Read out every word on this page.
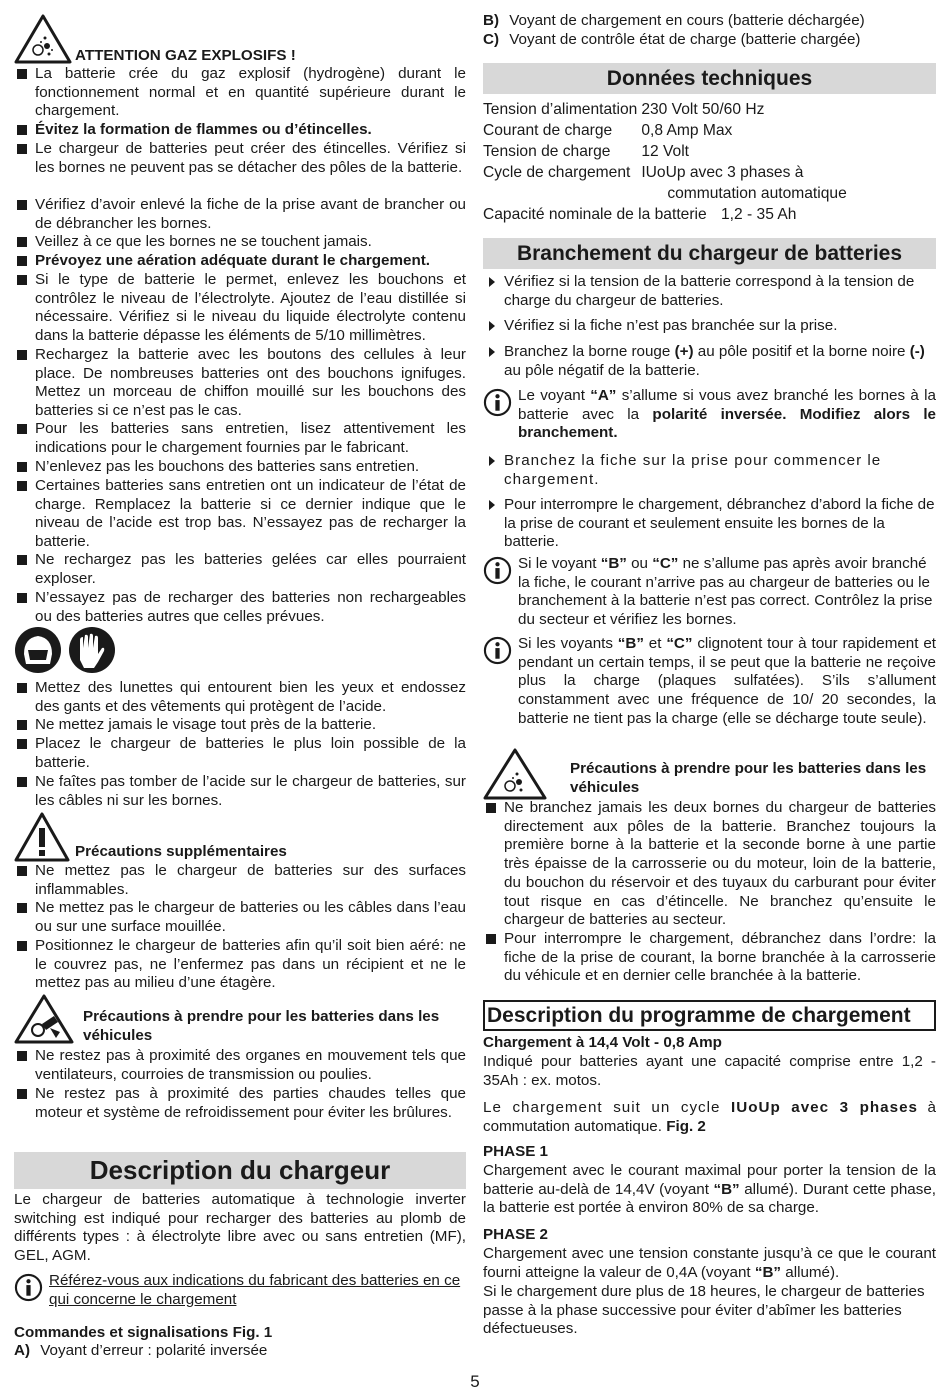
ATTENTION GAZ EXPLOSIFS !

La batterie crée du gaz explosif (hydrogène) durant le fonctionnement normal et en quantité supérieure durant le chargement.

Évitez la formation de flammes ou d’étincelles.

Le chargeur de batteries peut créer des étincelles. Vérifiez si les bornes ne peuvent pas se détacher des pôles de la batterie.

Vérifiez d’avoir enlevé la fiche de la prise avant de brancher ou de débrancher les bornes.

Veillez à ce que les bornes ne se touchent jamais.

Prévoyez une aération adéquate durant le chargement.

Si le type de batterie le permet, enlevez les bouchons et contrôlez le niveau de l’électrolyte. Ajoutez de l’eau distillée si nécessaire. Vérifiez si le niveau du liquide électrolyte contenu dans la batterie dépasse les éléments de 5/10 millimètres.

Rechargez la batterie avec les boutons des cellules à leur place. De nombreuses batteries ont des bouchons ignifuges. Mettez un morceau de chiffon mouillé sur les bouchons des batteries si ce n’est pas le cas.

Pour les batteries sans entretien, lisez attentivement les indications pour le chargement fournies par le fabricant.

N’enlevez pas les bouchons des batteries sans entretien.

Certaines batteries sans entretien ont un indicateur de l’état de charge. Remplacez la batterie si ce dernier indique que le niveau de l’acide est trop bas. N’essayez pas de recharger la batterie.

Ne rechargez pas les batteries gelées car elles pourraient exploser.

N’essayez pas de recharger des batteries non rechargeables ou des batteries autres que celles prévues.

Mettez des lunettes qui entourent bien les yeux et endossez des gants et des vêtements qui protègent de l’acide.

Ne mettez jamais le visage tout près de la batterie.

Placez le chargeur de batteries le plus loin possible de la batterie.

Ne faîtes pas tomber de l’acide sur le chargeur de batteries, sur les câbles ni sur les bornes.

Précautions supplémentaires

Ne mettez pas le chargeur de batteries sur des surfaces inflammables.

Ne mettez pas le chargeur de batteries ou les câbles dans l’eau ou sur une surface mouillée.

Positionnez le chargeur de batteries afin qu’il soit bien aéré: ne le couvrez pas, ne l’enfermez pas dans un récipient et ne le mettez pas au milieu d’une étagère.

Précautions à prendre pour les batteries dans les véhicules

Ne restez pas à proximité des organes en mouvement tels que ventilateurs, courroies de transmission ou poulies.

Ne restez pas à proximité des parties chaudes telles que moteur et système de refroidissement pour éviter les brûlures.

Description du chargeur

Le chargeur de batteries automatique à technologie inverter switching est indiqué pour recharger des batteries au plomb de différents types : à électrolyte libre avec ou sans entretien (MF), GEL, AGM.

Référez-vous aux indications du fabricant des batteries en ce qui concerne le chargement
Commandes et signalisations Fig. 1
A) Voyant d’erreur : polarité inversée
B) Voyant de chargement en cours (batterie déchargée)
C) Voyant de contrôle état de charge (batterie chargée)
Données techniques
Tension d’alimentation	230 Volt 50/60 Hz
Courant de charge	0,8 Amp Max
Tension de charge	12 Volt
Cycle de chargement	IUoUp avec 3 phases à
commutation automatique

Capacité nominale de la batterie 1,2 - 35 Ah	
Branchement du chargeur de batteries

Vérifiez si la tension de la batterie correspond à la tension de charge du chargeur de batteries.

Vérifiez si la fiche n’est pas branchée sur la prise.

Branchez la borne rouge (+) au pôle positif et la borne noire (-) au pôle négatif de la batterie.

Le voyant “A” s’allume si vous avez branché les bornes à la batterie avec la polarité inversée. Modifiez alors le branchement.

Branchez la fiche sur la prise pour commencer le chargement.

Pour interrompre le chargement, débranchez d’abord la fiche de la prise de courant et seulement ensuite les bornes de la batterie.

Si le voyant “B” ou “C” ne s’allume pas après avoir branché la fiche, le courant n’arrive pas au chargeur de batteries ou le branchement à la batterie n’est pas correct. Contrôlez la prise du secteur et vérifiez les bornes.
Si les voyants “B” et “C” clignotent tour à tour rapidement et pendant un certain temps, il se peut que la batterie ne reçoive plus la charge (plaques sulfatées). S’ils s’allument constamment avec une fréquence de 10/ 20 secondes, la batterie ne tient pas la charge (elle se décharge toute seule).
Précautions à prendre pour les batteries dans les véhicules

Ne branchez jamais les deux bornes du chargeur de batteries directement aux pôles de la batterie. Branchez toujours la première borne à la batterie et la seconde borne à une partie très épaisse de la carrosserie ou du moteur, loin de la batterie, du bouchon du réservoir et des tuyaux du carburant pour éviter tout risque en cas d’étincelle. Ne branchez qu’ensuite le chargeur de batteries au secteur.

Pour interrompre le chargement, débranchez dans l’ordre: la fiche de la prise de courant, la borne branchée à la carrosserie du véhicule et en dernier celle branchée à la batterie.

Description du programme de chargement
Chargement à 14,4 Volt - 0,8 Amp

Indiqué pour batteries ayant une capacité comprise entre 1,2 - 35Ah : ex. motos.

Le chargement suit un cycle IUoUp avec 3 phases à commutation automatique. Fig. 2

PHASE 1

Chargement avec le courant maximal pour porter la tension de la batterie au-delà de 14,4V (voyant “B” allumé). Durant cette phase, la batterie est portée à environ 80% de sa charge.

PHASE 2

Chargement avec une tension constante jusqu’à ce que le courant fourni atteigne la valeur de 0,4A (voyant “B” allumé).

Si le chargement dure plus de 18 heures, le chargeur de batteries passe à la phase successive pour éviter d’abîmer les batteries défectueuses.

5
